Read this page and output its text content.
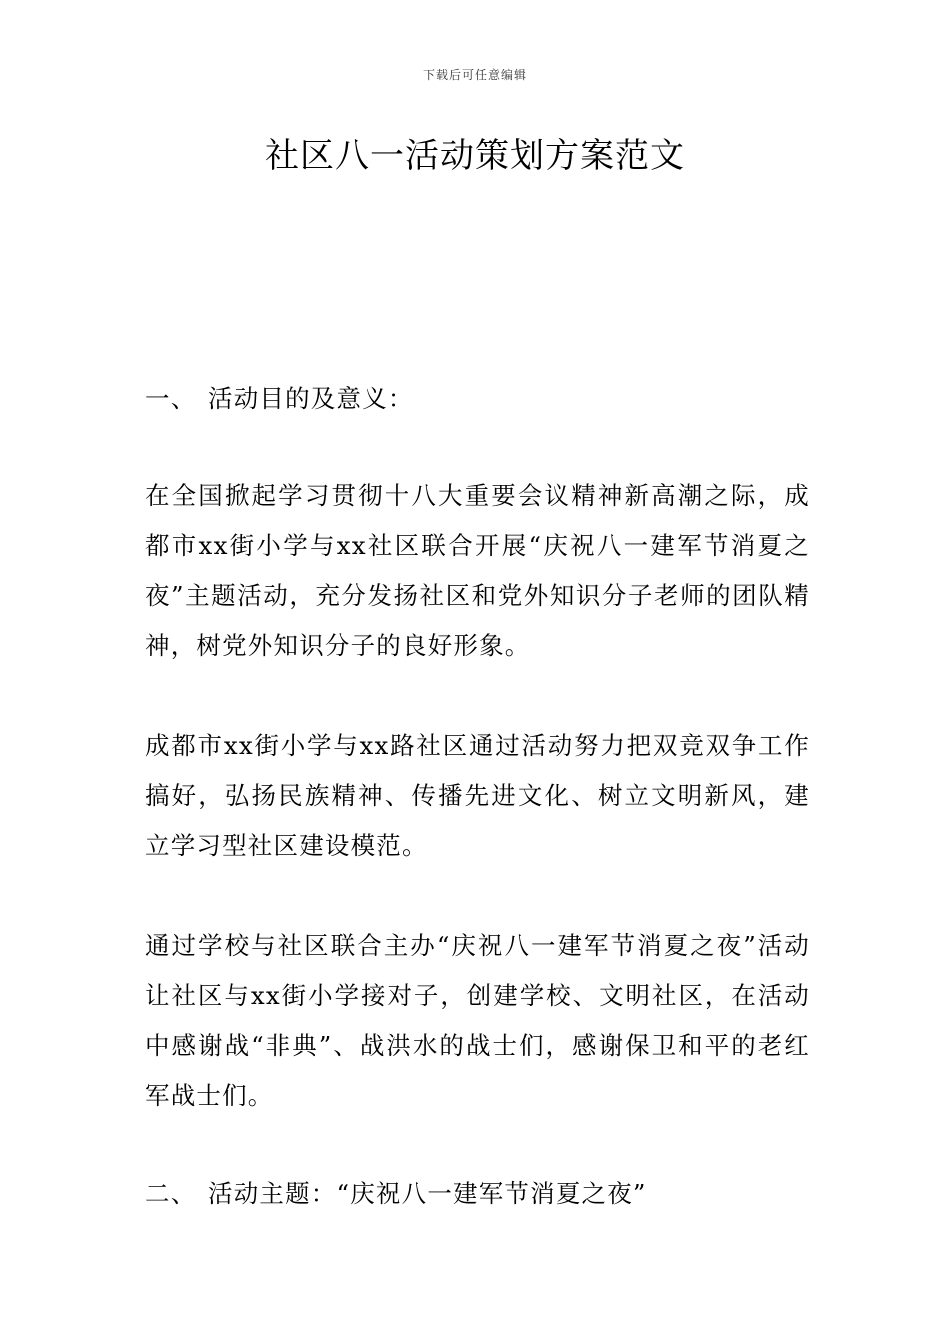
下载后可任意编辑
社区八一活动策划方案范文

一、 活动目的及意义：

在全国掀起学习贯彻十八大重要会议精神新高潮之际，成都市xx街小学与xx社区联合开展“庆祝八一建军节消夏之夜”主题活动，充分发扬社区和党外知识分子老师的团队精神，树党外知识分子的良好形象。

成都市xx街小学与xx路社区通过活动努力把双竞双争工作搞好，弘扬民族精神、传播先进文化、树立文明新风，建立学习型社区建设模范。

通过学校与社区联合主办“庆祝八一建军节消夏之夜”活动让社区与xx街小学接对子，创建学校、文明社区，在活动中感谢战“非典”、战洪水的战士们，感谢保卫和平的老红军战士们。

二、 活动主题：“庆祝八一建军节消夏之夜”
